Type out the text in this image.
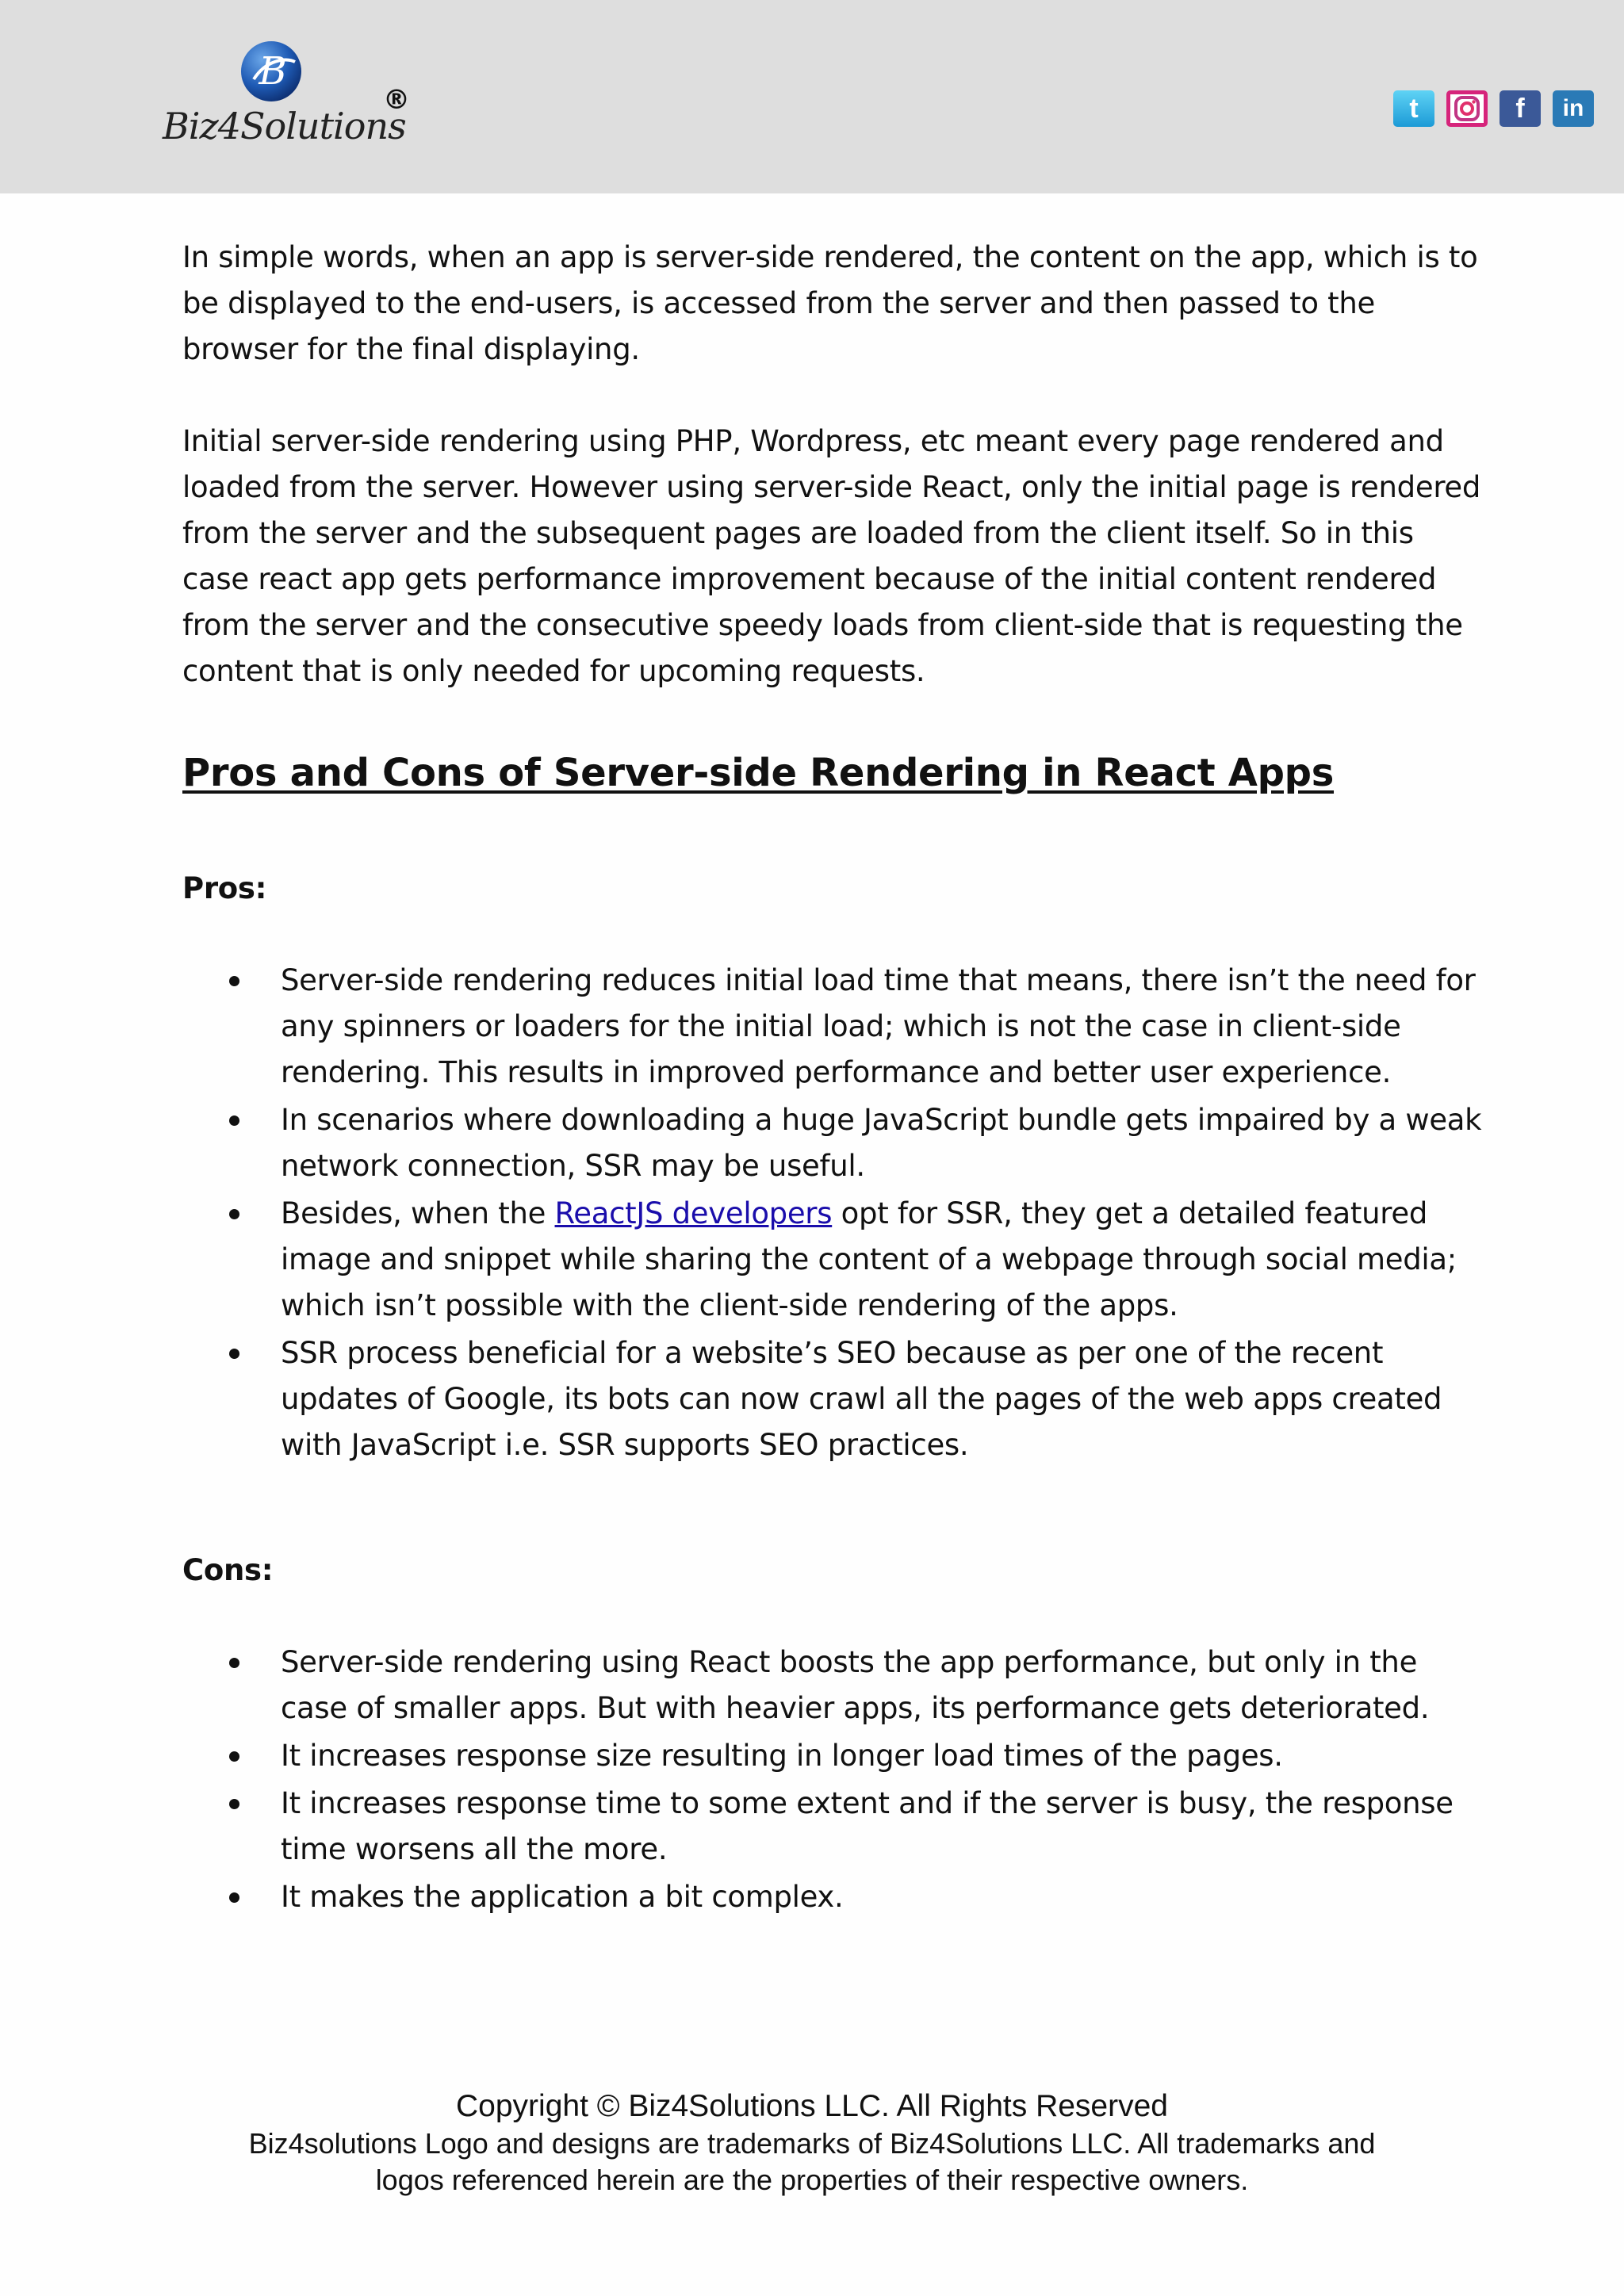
B
Biz4Solutions
®	t	f in

In simple words, when an app is server-side rendered, the content on the app, which is to be displayed to the end-users, is accessed from the server and then passed to the browser for the final displaying.

Initial server-side rendering using PHP, Wordpress, etc meant every page rendered and loaded from the server. However using server-side React, only the initial page is rendered from the server and the subsequent pages are loaded from the client itself. So in this case react app gets performance improvement because of the initial content rendered from the server and the consecutive speedy loads from client-side that is requesting the content that is only needed for upcoming requests.

Pros and Cons of Server-side Rendering in React Apps
Pros:
Server-side rendering reduces initial load time that means, there isn’t the need for any spinners or loaders for the initial load; which is not the case in client-side rendering. This results in improved performance and better user experience.
In scenarios where downloading a huge JavaScript bundle gets impaired by a weak network connection, SSR may be useful.
Besides, when the ReactJS developers opt for SSR, they get a detailed featured image and snippet while sharing the content of a webpage through social media; which isn’t possible with the client-side rendering of the apps.
SSR process beneficial for a website’s SEO because as per one of the recent updates of Google, its bots can now crawl all the pages of the web apps created with JavaScript i.e. SSR supports SEO practices.
Cons:
Server-side rendering using React boosts the app performance, but only in the case of smaller apps. But with heavier apps, its performance gets deteriorated.
It increases response size resulting in longer load times of the pages.
It increases response time to some extent and if the server is busy, the response time worsens all the more.
It makes the application a bit complex.
Copyright © Biz4Solutions LLC. All Rights Reserved
Biz4solutions Logo and designs are trademarks of Biz4Solutions LLC. All trademarks and logos referenced herein are the properties of their respective owners.
